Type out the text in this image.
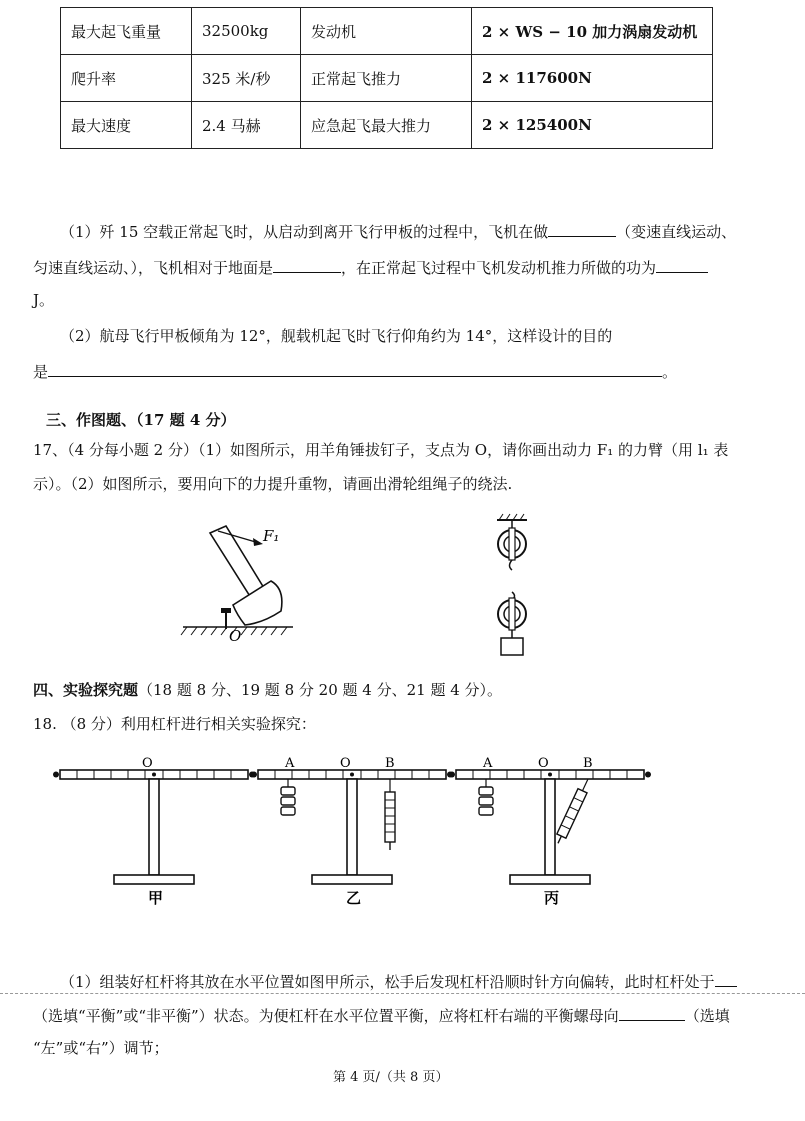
最大起飞重量	32500kg	发动机	2 × WS − 10 加力涡扇发动机
爬升率	325 米/秒	正常起飞推力	2 × 117600N
最大速度	2.4 马赫	应急起飞最大推力	2 × 125400N
（1）歼 15 空载正常起飞时，从启动到离开飞行甲板的过程中，飞机在做	（变速直线运动、
匀速直线运动、），飞机相对于地面是	，在正常起飞过程中飞机发动机推力所做的功为
J。
（2）航母飞行甲板倾角为 12°，舰载机起飞时飞行仰角约为 14°，这样设计的目的
是	。
三、作图题、（17 题 4 分）
17、（4 分每小题 2 分）（1）如图所示，用羊角锤拔钉子，支点为 O，请你画出动力 F₁ 的力臂（用 l₁ 表
示）。（2）如图所示，要用向下的力提升重物，请画出滑轮组绳子的绕法.
F₁
O
四、实验探究题（18 题 8 分、19 题 8 分 20 题 4 分、21 题 4 分）。
18. （8 分）利用杠杆进行相关实验探究：
O	A	O	B	A	O	B
甲	乙	丙
（1）组装好杠杆将其放在水平位置如图甲所示，松手后发现杠杆沿顺时针方向偏转，此时杠杆处于
（选填“平衡”或“非平衡”）状态。为便杠杆在水平位置平衡，应将杠杆右端的平衡螺母向	（选填
“左”或“右”）调节；
第 4 页/（共 8 页）
